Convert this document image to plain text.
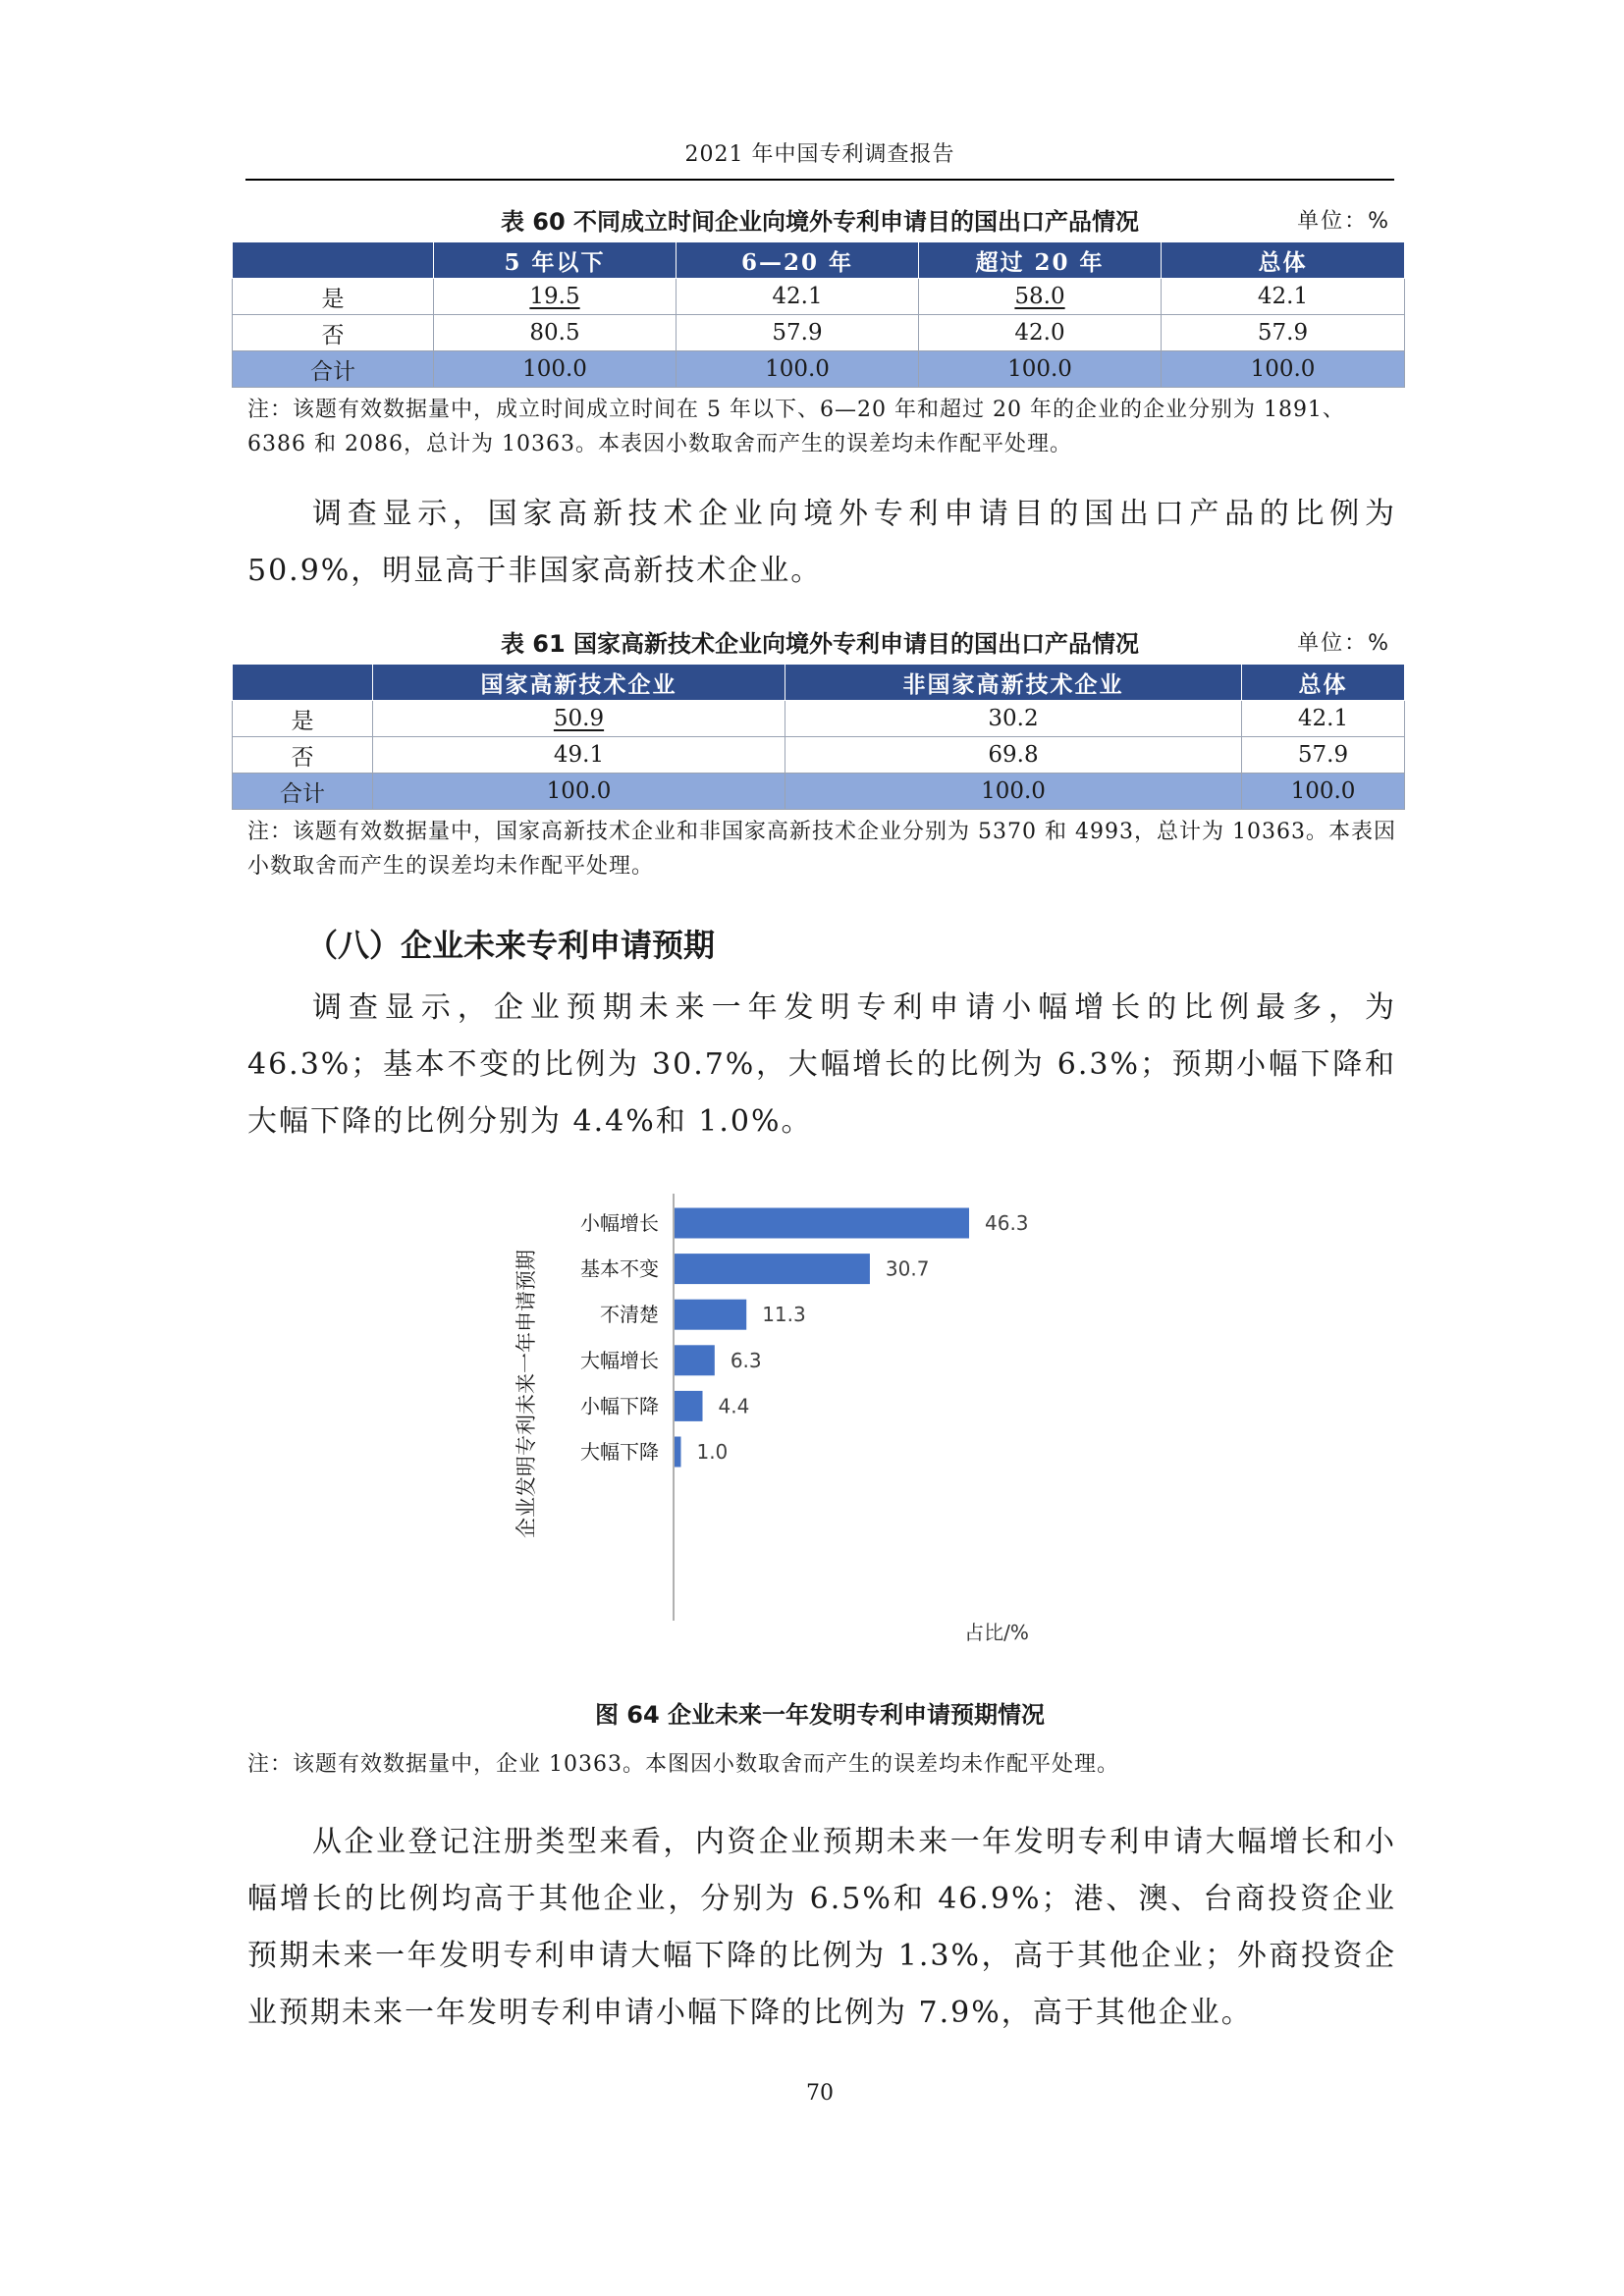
2021 年中国专利调查报告
表 60 不同成立时间企业向境外专利申请目的国出口产品情况	单位：%
	5 年以下	6—20 年	超过 20 年	总体
是	19.5	42.1	58.0	42.1
否	80.5	57.9	42.0	57.9
合计	100.0	100.0	100.0	100.0
注：该题有效数据量中，成立时间成立时间在 5 年以下、6—20 年和超过 20 年的企业的企业分别为 1891、6386 和 2086，总计为 10363。本表因小数取舍而产生的误差均未作配平处理。
调查显示，国家高新技术企业向境外专利申请目的国出口产品的比例为 50.9%，明显高于非国家高新技术企业。
表 61 国家高新技术企业向境外专利申请目的国出口产品情况	单位：%
	国家高新技术企业	非国家高新技术企业	总体
是	50.9	30.2	42.1
否	49.1	69.8	57.9
合计	100.0	100.0	100.0
注：该题有效数据量中，国家高新技术企业和非国家高新技术企业分别为 5370 和 4993，总计为 10363。本表因小数取舍而产生的误差均未作配平处理。
（八）企业未来专利申请预期
调查显示，企业预期未来一年发明专利申请小幅增长的比例最多，为 46.3%；基本不变的比例为 30.7%，大幅增长的比例为 6.3%；预期小幅下降和大幅下降的比例分别为 4.4%和 1.0%。
企业发明专利未来一年申请预期
小幅增长	46.3
基本不变	30.7
不清楚	11.3
大幅增长	6.3
小幅下降	4.4
大幅下降 1.0
占比/%
图 64 企业未来一年发明专利申请预期情况
注：该题有效数据量中，企业 10363。本图因小数取舍而产生的误差均未作配平处理。
从企业登记注册类型来看，内资企业预期未来一年发明专利申请大幅增长和小幅增长的比例均高于其他企业，分别为 6.5%和 46.9%；港、澳、台商投资企业预期未来一年发明专利申请大幅下降的比例为 1.3%，高于其他企业；外商投资企业预期未来一年发明专利申请小幅下降的比例为 7.9%，高于其他企业。
70
